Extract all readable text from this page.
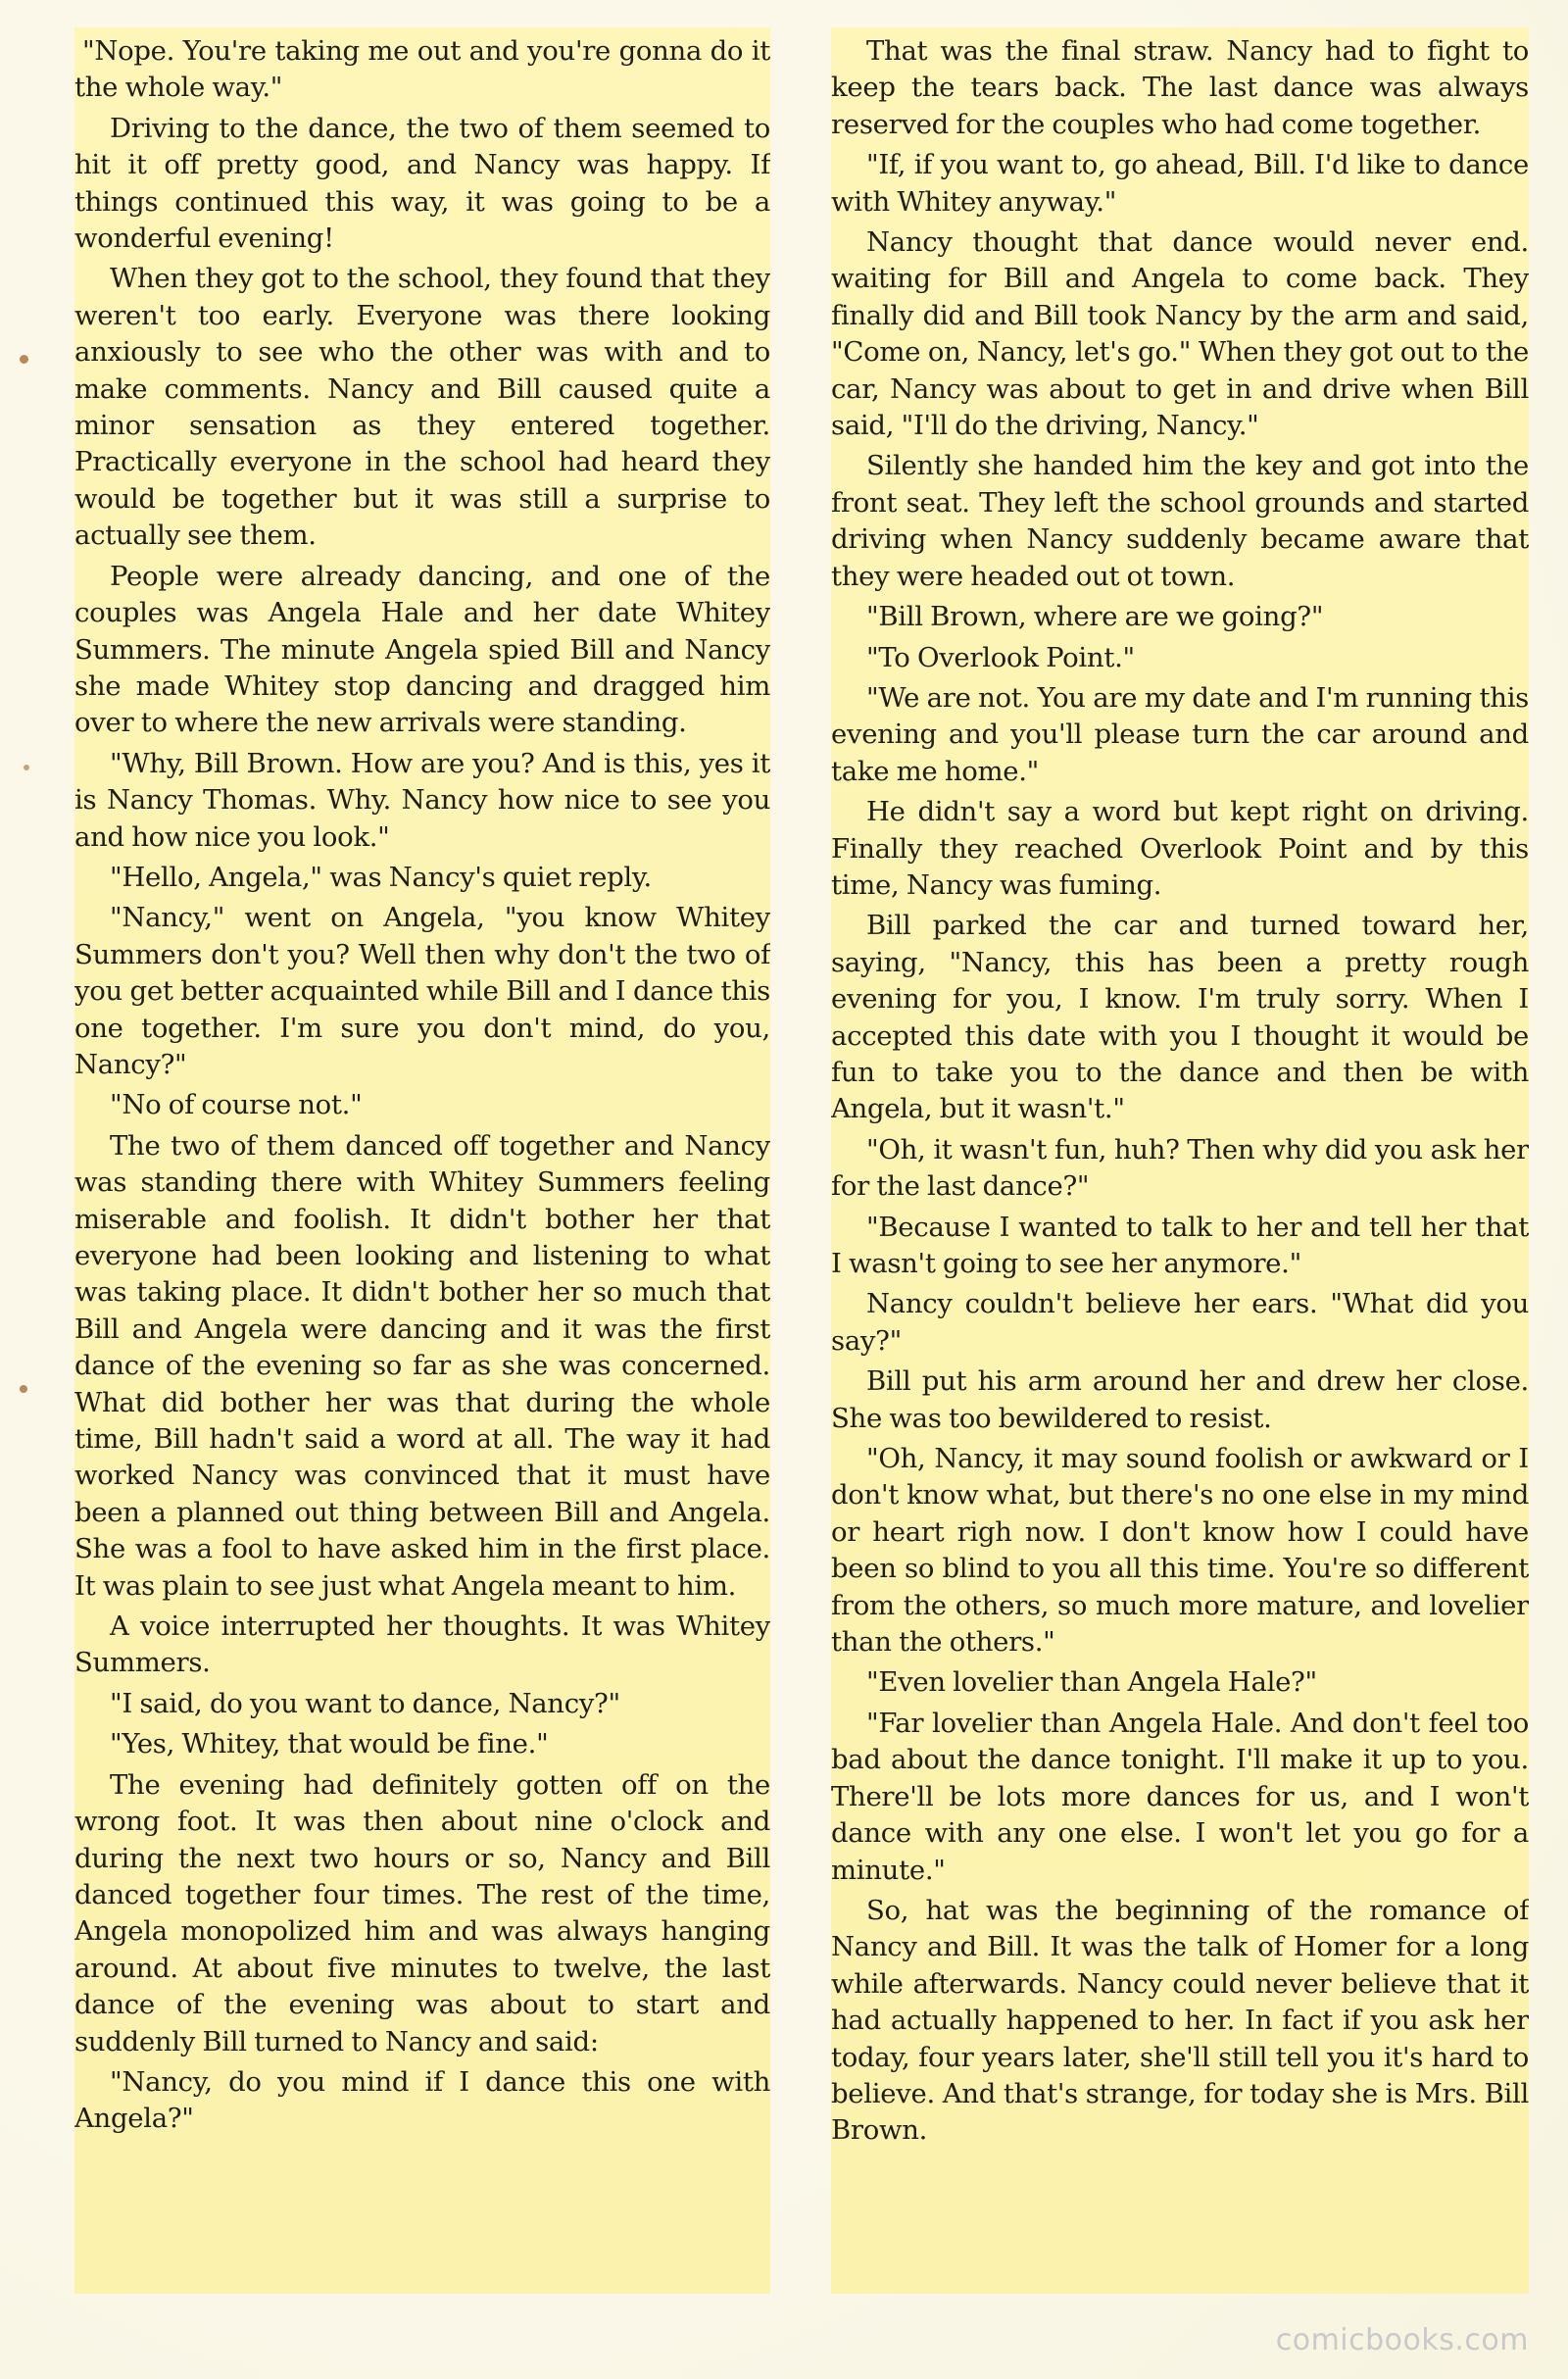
"Nope. You're taking me out and you're gonna do it the whole way."

Driving to the dance, the two of them seemed to hit it off pretty good, and Nancy was happy. If things continued this way, it was going to be a wonderful evening!

When they got to the school, they found that they weren't too early. Everyone was there looking anxiously to see who the other was with and to make comments. Nancy and Bill caused quite a minor sensation as they entered together. Practically everyone in the school had heard they would be together but it was still a surprise to actually see them.

People were already dancing, and one of the couples was Angela Hale and her date Whitey Summers. The minute Angela spied Bill and Nancy she made Whitey stop dancing and dragged him over to where the new arrivals were standing.

"Why, Bill Brown. How are you? And is this, yes it is Nancy Thomas. Why. Nancy how nice to see you and how nice you look."

"Hello, Angela," was Nancy's quiet reply.

"Nancy," went on Angela, "you know Whitey Summers don't you? Well then why don't the two of you get better acquainted while Bill and I dance this one together. I'm sure you don't mind, do you, Nancy?"

"No of course not."

The two of them danced off together and Nancy was standing there with Whitey Summers feeling miserable and foolish. It didn't bother her that everyone had been looking and listening to what was taking place. It didn't bother her so much that Bill and Angela were dancing and it was the first dance of the evening so far as she was concerned. What did bother her was that during the whole time, Bill hadn't said a word at all. The way it had worked Nancy was convinced that it must have been a planned out thing between Bill and Angela. She was a fool to have asked him in the first place. It was plain to see just what Angela meant to him.

A voice interrupted her thoughts. It was Whitey Summers.

"I said, do you want to dance, Nancy?"

"Yes, Whitey, that would be fine."

The evening had definitely gotten off on the wrong foot. It was then about nine o'clock and during the next two hours or so, Nancy and Bill danced together four times. The rest of the time, Angela monopolized him and was always hanging around. At about five minutes to twelve, the last dance of the evening was about to start and suddenly Bill turned to Nancy and said:

"Nancy, do you mind if I dance this one with Angela?"

That was the final straw. Nancy had to fight to keep the tears back. The last dance was always reserved for the couples who had come together.

"If, if you want to, go ahead, Bill. I'd like to dance with Whitey anyway."

Nancy thought that dance would never end. waiting for Bill and Angela to come back. They finally did and Bill took Nancy by the arm and said, "Come on, Nancy, let's go." When they got out to the car, Nancy was about to get in and drive when Bill said, "I'll do the driving, Nancy."

Silently she handed him the key and got into the front seat. They left the school grounds and started driving when Nancy suddenly became aware that they were headed out ot town.

"Bill Brown, where are we going?"

"To Overlook Point."

"We are not. You are my date and I'm running this evening and you'll please turn the car around and take me home."

He didn't say a word but kept right on driving. Finally they reached Overlook Point and by this time, Nancy was fuming.

Bill parked the car and turned toward her, saying, "Nancy, this has been a pretty rough evening for you, I know. I'm truly sorry. When I accepted this date with you I thought it would be fun to take you to the dance and then be with Angela, but it wasn't."

"Oh, it wasn't fun, huh? Then why did you ask her for the last dance?"

"Because I wanted to talk to her and tell her that I wasn't going to see her anymore."

Nancy couldn't believe her ears. "What did you say?"

Bill put his arm around her and drew her close. She was too bewildered to resist.

"Oh, Nancy, it may sound foolish or awkward or I don't know what, but there's no one else in my mind or heart righ now. I don't know how I could have been so blind to you all this time. You're so different from the others, so much more mature, and lovelier than the others."

"Even lovelier than Angela Hale?"

"Far lovelier than Angela Hale. And don't feel too bad about the dance tonight. I'll make it up to you. There'll be lots more dances for us, and I won't dance with any one else. I won't let you go for a minute."

So, hat was the beginning of the romance of Nancy and Bill. It was the talk of Homer for a long while afterwards. Nancy could never believe that it had actually happened to her. In fact if you ask her today, four years later, she'll still tell you it's hard to believe. And that's strange, for today she is Mrs. Bill Brown.

comicbooks.com
